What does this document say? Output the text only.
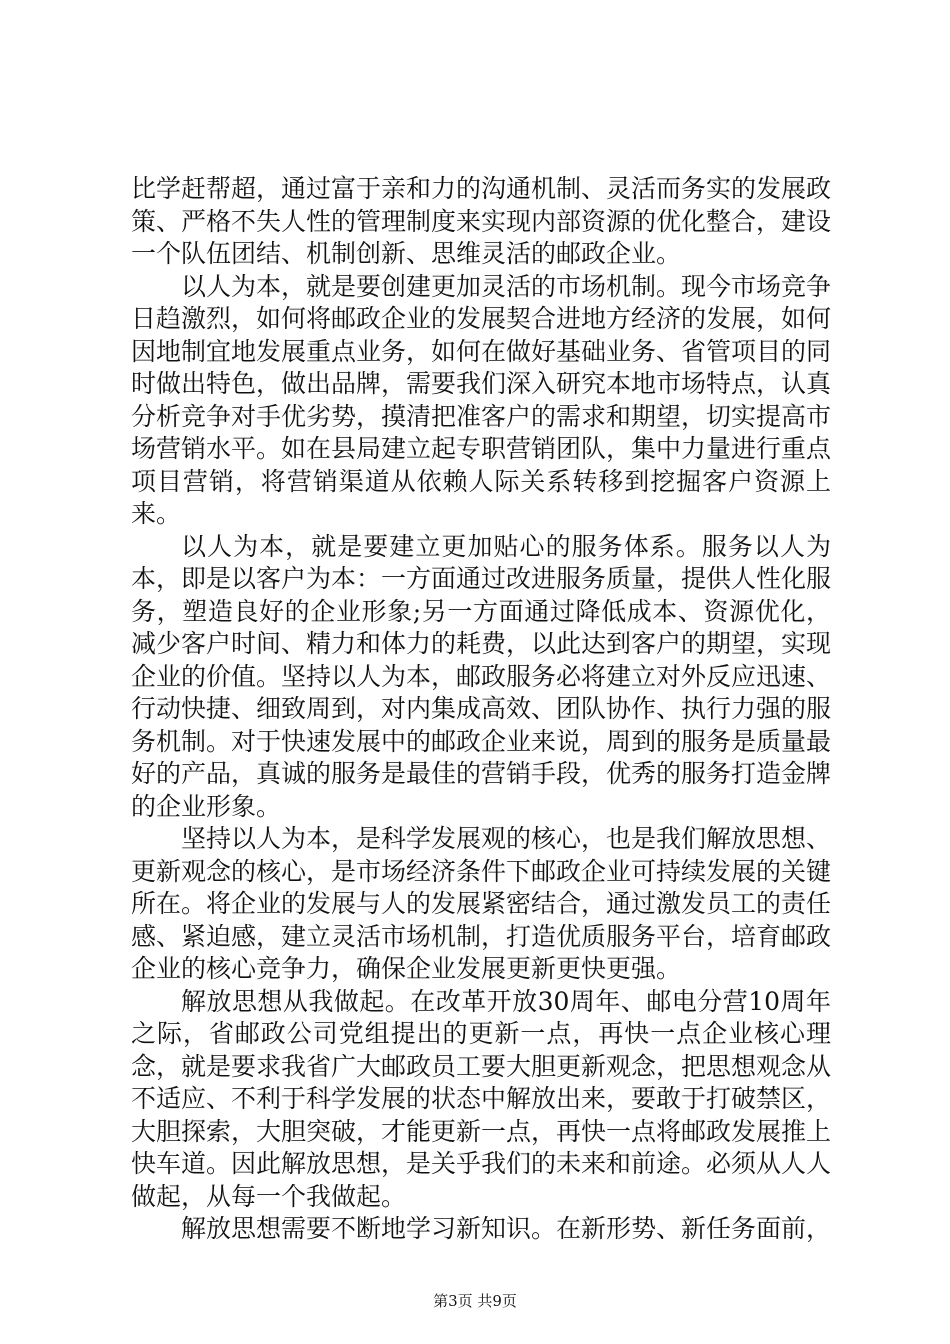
比学赶帮超，通过富于亲和力的沟通机制、灵活而务实的发展政策、严格不失人性的管理制度来实现内部资源的优化整合，建设一个队伍团结、机制创新、思维灵活的邮政企业。

以人为本，就是要创建更加灵活的市场机制。现今市场竞争日趋激烈，如何将邮政企业的发展契合进地方经济的发展，如何因地制宜地发展重点业务，如何在做好基础业务、省管项目的同时做出特色，做出品牌，需要我们深入研究本地市场特点，认真分析竞争对手优劣势，摸清把准客户的需求和期望，切实提高市场营销水平。如在县局建立起专职营销团队，集中力量进行重点项目营销，将营销渠道从依赖人际关系转移到挖掘客户资源上来。

以人为本，就是要建立更加贴心的服务体系。服务以人为本，即是以客户为本：一方面通过改进服务质量，提供人性化服务，塑造良好的企业形象;另一方面通过降低成本、资源优化，减少客户时间、精力和体力的耗费，以此达到客户的期望，实现企业的价值。坚持以人为本，邮政服务必将建立对外反应迅速、行动快捷、细致周到，对内集成高效、团队协作、执行力强的服务机制。对于快速发展中的邮政企业来说，周到的服务是质量最好的产品，真诚的服务是最佳的营销手段，优秀的服务打造金牌的企业形象。

坚持以人为本，是科学发展观的核心，也是我们解放思想、更新观念的核心，是市场经济条件下邮政企业可持续发展的关键所在。将企业的发展与人的发展紧密结合，通过激发员工的责任感、紧迫感，建立灵活市场机制，打造优质服务平台，培育邮政企业的核心竞争力，确保企业发展更新更快更强。

解放思想从我做起。在改革开放30周年、邮电分营10周年之际，省邮政公司党组提出的更新一点，再快一点企业核心理念，就是要求我省广大邮政员工要大胆更新观念，把思想观念从不适应、不利于科学发展的状态中解放出来，要敢于打破禁区，大胆探索，大胆突破，才能更新一点，再快一点将邮政发展推上快车道。因此解放思想，是关乎我们的未来和前途。必须从人人做起，从每一个我做起。

解放思想需要不断地学习新知识。在新形势、新任务面前，

第3页 共9页
